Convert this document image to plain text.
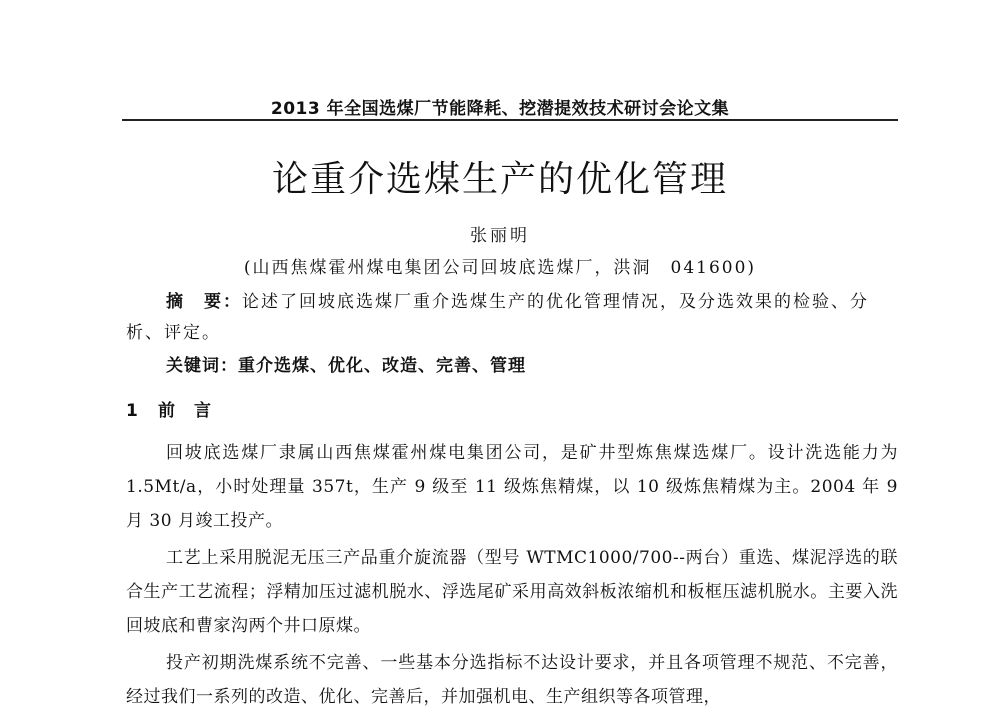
2013 年全国选煤厂节能降耗、挖潜提效技术研讨会论文集
论重介选煤生产的优化管理
张丽明
(山西焦煤霍州煤电集团公司回坡底选煤厂，洪洞　041600)
摘　要：论述了回坡底选煤厂重介选煤生产的优化管理情况，及分选效果的检验、分析、评定。
关键词：重介选煤、优化、改造、完善、管理
1 前　言

回坡底选煤厂隶属山西焦煤霍州煤电集团公司，是矿井型炼焦煤选煤厂。设计洗选能力为 1.5Mt/a，小时处理量 357t，生产 9 级至 11 级炼焦精煤，以 10 级炼焦精煤为主。2004 年 9 月 30 月竣工投产。

工艺上采用脱泥无压三产品重介旋流器（型号 WTMC1000/700--两台）重选、煤泥浮选的联合生产工艺流程；浮精加压过滤机脱水、浮选尾矿采用高效斜板浓缩机和板框压滤机脱水。主要入洗回坡底和曹家沟两个井口原煤。

投产初期洗煤系统不完善、一些基本分选指标不达设计要求，并且各项管理不规范、不完善，经过我们一系列的改造、优化、完善后，并加强机电、生产组织等各项管理，
